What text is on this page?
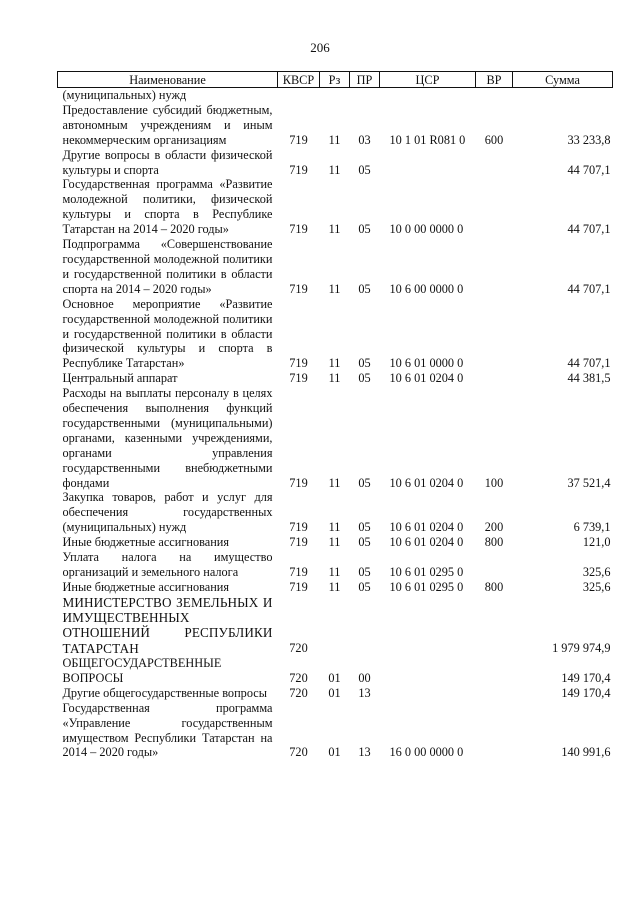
206
Наименование	КВСР	Рз	ПР	ЦСР	ВР	Сумма
(муниципальных) нужд						
Предоставление субсидий бюджетным, автономным учреждениям и иным некоммерческим организациям	719	11	03	10 1 01 R081 0	600	33 233,8
Другие вопросы в области физической культуры и спорта	719	11	05			44 707,1
Государственная программа «Развитие молодежной политики, физической культуры и спорта в Республике Татарстан на 2014 – 2020 годы»	719	11	05	10 0 00 0000 0		44 707,1
Подпрограмма «Совершенствование государственной молодежной политики и государственной политики в области спорта на 2014 – 2020 годы»	719	11	05	10 6 00 0000 0		44 707,1
Основное мероприятие «Развитие государственной молодежной политики и государственной политики в области физической культуры и спорта в Республике Татарстан»	719	11	05	10 6 01 0000 0		44 707,1
Центральный аппарат	719	11	05	10 6 01 0204 0		44 381,5
Расходы на выплаты персоналу в целях обеспечения выполнения функций государственными (муниципальными) органами, казенными учреждениями, органами управления государственными внебюджетными фондами	719	11	05	10 6 01 0204 0	100	37 521,4
Закупка товаров, работ и услуг для обеспечения государственных (муниципальных) нужд	719	11	05	10 6 01 0204 0	200	6 739,1
Иные бюджетные ассигнования	719	11	05	10 6 01 0204 0	800	121,0
Уплата налога на имущество организаций и земельного налога	719	11	05	10 6 01 0295 0		325,6
Иные бюджетные ассигнования	719	11	05	10 6 01 0295 0	800	325,6
МИНИСТЕРСТВО ЗЕМЕЛЬНЫХ И ИМУЩЕСТВЕННЫХ ОТНОШЕНИЙ РЕСПУБЛИКИ ТАТАРСТАН	720					1 979 974,9
ОБЩЕГОСУДАРСТВЕННЫЕ ВОПРОСЫ	720	01	00			149 170,4
Другие общегосударственные вопросы	720	01	13			149 170,4
Государственная программа «Управление государственным имуществом Республики Татарстан на 2014 – 2020 годы»	720	01	13	16 0 00 0000 0		140 991,6
